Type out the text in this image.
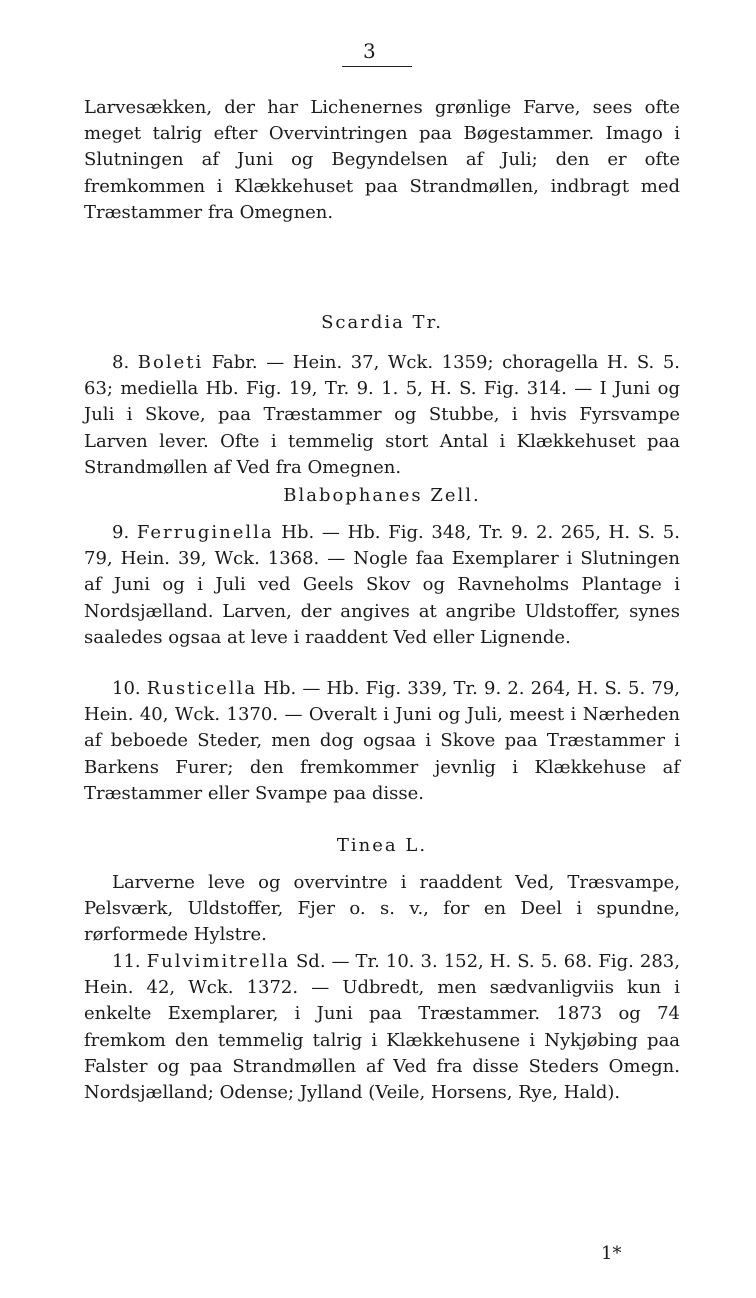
3

Larvesækken, der har Lichenernes grønlige Farve, sees ofte meget talrig efter Overvintringen paa Bøgestammer. Imago i Slutningen af Juni og Begyndelsen af Juli; den er ofte fremkommen i Klækkehuset paa Strandmøllen, indbragt med Træstammer fra Omegnen.

Scardia Tr.

8. Boleti Fabr. — Hein. 37, Wck. 1359; choragella H. S. 5. 63; mediella Hb. Fig. 19, Tr. 9. 1. 5, H. S. Fig. 314. — I Juni og Juli i Skove, paa Træstammer og Stubbe, i hvis Fyrsvampe Larven lever. Ofte i temmelig stort Antal i Klækkehuset paa Strandmøllen af Ved fra Omegnen.

Blabophanes Zell.

9. Ferruginella Hb. — Hb. Fig. 348, Tr. 9. 2. 265, H. S. 5. 79, Hein. 39, Wck. 1368. — Nogle faa Exemplarer i Slutningen af Juni og i Juli ved Geels Skov og Ravneholms Plantage i Nordsjælland. Larven, der angives at angribe Uldstoffer, synes saaledes ogsaa at leve i raaddent Ved eller Lignende.

10. Rusticella Hb. — Hb. Fig. 339, Tr. 9. 2. 264, H. S. 5. 79, Hein. 40, Wck. 1370. — Overalt i Juni og Juli, meest i Nærheden af beboede Steder, men dog ogsaa i Skove paa Træstammer i Barkens Furer; den fremkommer jevnlig i Klækkehuse af Træstammer eller Svampe paa disse.

Tinea L.

Larverne leve og overvintre i raaddent Ved, Træsvampe, Pelsværk, Uldstoffer, Fjer o. s. v., for en Deel i spundne, rørformede Hylstre.

11. Fulvimitrella Sd. — Tr. 10. 3. 152, H. S. 5. 68. Fig. 283, Hein. 42, Wck. 1372. — Udbredt, men sædvanligviis kun i enkelte Exemplarer, i Juni paa Træstammer. 1873 og 74 fremkom den temmelig talrig i Klækkehusene i Nykjøbing paa Falster og paa Strandmøllen af Ved fra disse Steders Omegn. Nordsjælland; Odense; Jylland (Veile, Horsens, Rye, Hald).

1*
